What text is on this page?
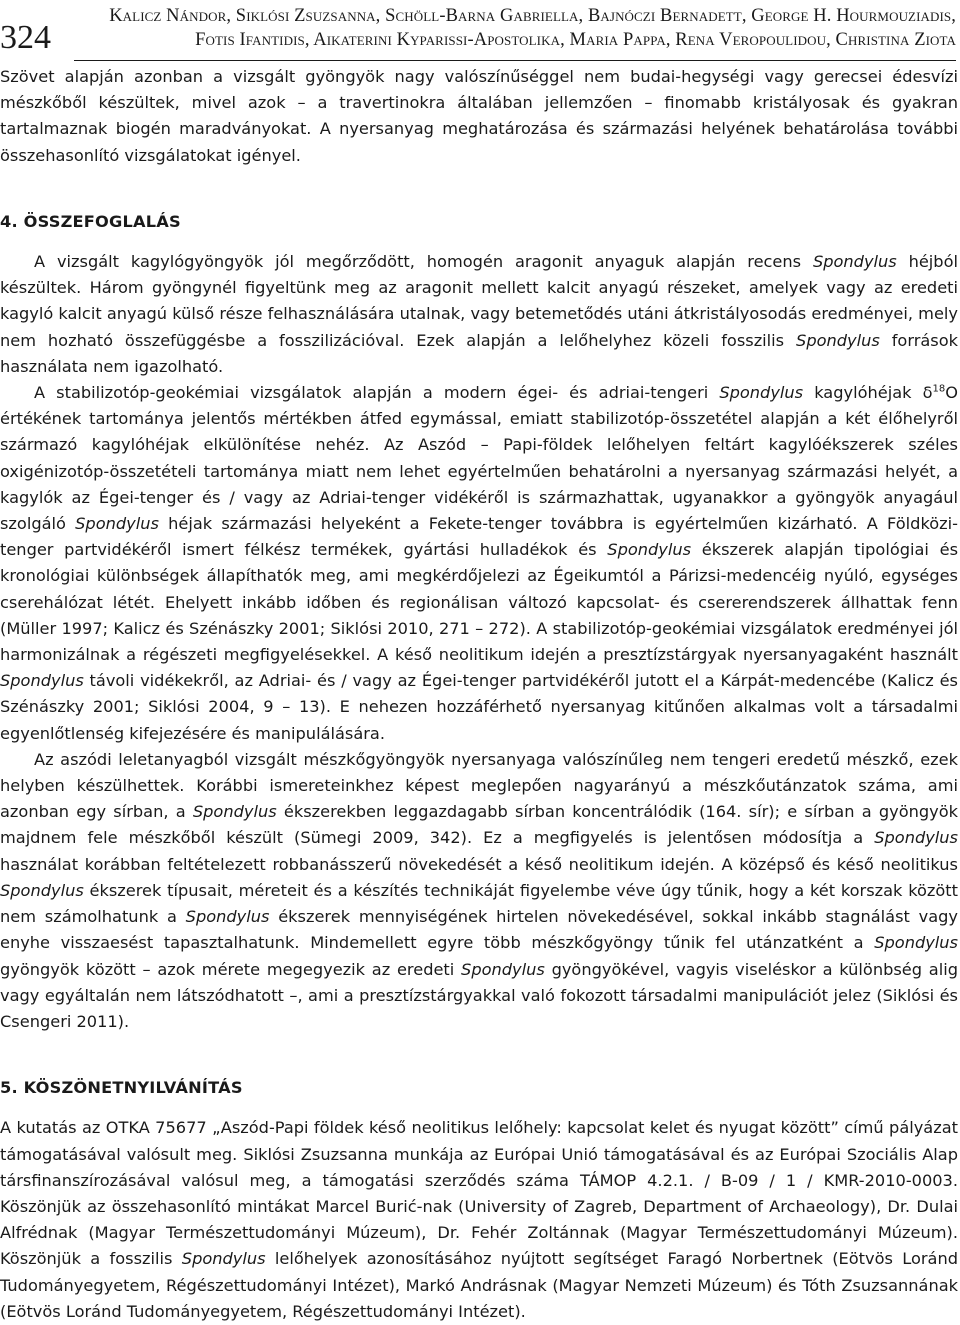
324
Kalicz Nándor, Siklósi Zsuzsanna, Schöll-Barna Gabriella, Bajnóczi Bernadett, George H. Hourmouziadis,
Fotis Ifantidis, Aikaterini Kyparissi-Apostolika, Maria Pappa, Rena Veropoulidou, Christina Ziota

Szövet alapján azonban a vizsgált gyöngyök nagy valószínűséggel nem budai-hegységi vagy gerecsei édesvízi mészkőből készültek, mivel azok – a travertinokra általában jellemzően – finomabb kristályosak és gyakran tartalmaznak biogén maradványokat. A nyersanyag meghatározása és származási helyének behatárolása további összehasonlító vizsgálatokat igényel.

4. ÖSSZEFOGLALÁS

A vizsgált kagylógyöngyök jól megőrződött, homogén aragonit anyaguk alapján recens Spondylus héjból készültek. Három gyöngynél figyeltünk meg az aragonit mellett kalcit anyagú részeket, amelyek vagy az eredeti kagyló kalcit anyagú külső része felhasználására utalnak, vagy betemetődés utáni átkristályosodás eredményei, mely nem hozható összefüggésbe a fosszilizációval. Ezek alapján a lelőhelyhez közeli fosszilis Spondylus források használata nem igazolható.

A stabilizotóp-geokémiai vizsgálatok alapján a modern égei- és adriai-tengeri Spondylus kagylóhéjak $\delta^{18}O$ értékének tartománya jelentős mértékben átfed egymással, emiatt stabilizotóp-összetétel alapján a két élőhelyről származó kagylóhéjak elkülönítése nehéz. Az Aszód – Papi-földek lelőhelyen feltárt kagylóékszerek széles oxigénizotóp-összetételi tartománya miatt nem lehet egyértelműen behatárolni a nyersanyag származási helyét, a kagylók az Égei-tenger és / vagy az Adriai-tenger vidékéről is származhattak, ugyanakkor a gyöngyök anyagául szolgáló Spondylus héjak származási helyeként a Fekete-tenger továbbra is egyértelműen kizárható. A Földközi-tenger partvidékéről ismert félkész termékek, gyártási hulladékok és Spondylus ékszerek alapján tipológiai és kronológiai különbségek állapíthatók meg, ami megkérdőjelezi az Égeikumtól a Párizsi-medencéig nyúló, egységes cserehálózat létét. Ehelyett inkább időben és regionálisan változó kapcsolat- és csererendszerek állhattak fenn (Müller 1997; Kalicz és Szénászky 2001; Siklósi 2010, 271 – 272). A stabilizotóp-geokémiai vizsgálatok eredményei jól harmonizálnak a régészeti megfigyelésekkel. A késő neolitikum idején a presztízstárgyak nyersanyagaként használt Spondylus távoli vidékekről, az Adriai- és / vagy az Égei-tenger partvidékéről jutott el a Kárpát-medencébe (Kalicz és Szénászky 2001; Siklósi 2004, 9 – 13). E nehezen hozzáférhető nyersanyag kitűnően alkalmas volt a társadalmi egyenlőtlenség kifejezésére és manipulálására.

Az aszódi leletanyagból vizsgált mészkőgyöngyök nyersanyaga valószínűleg nem tengeri eredetű mészkő, ezek helyben készülhettek. Korábbi ismereteinkhez képest meglepően nagyarányú a mészkőutánzatok száma, ami azonban egy sírban, a Spondylus ékszerekben leggazdagabb sírban koncentrálódik (164. sír); e sírban a gyöngyök majdnem fele mészkőből készült (Sümegi 2009, 342). Ez a megfigyelés is jelentősen módosítja a Spondylus használat korábban feltételezett robbanásszerű növekedését a késő neolitikum idején. A középső és késő neolitikus Spondylus ékszerek típusait, méreteit és a készítés technikáját figyelembe véve úgy tűnik, hogy a két korszak között nem számolhatunk a Spondylus ékszerek mennyiségének hirtelen növekedésével, sokkal inkább stagnálást vagy enyhe visszaesést tapasztalhatunk. Mindemellett egyre több mészkőgyöngy tűnik fel utánzatként a Spondylus gyöngyök között – azok mérete megegyezik az eredeti Spondylus gyöngyökével, vagyis viseléskor a különbség alig vagy egyáltalán nem látszódhatott –, ami a presztízstárgyakkal való fokozott társadalmi manipulációt jelez (Siklósi és Csengeri 2011).

5. KÖSZÖNETNYILVÁNÍTÁS

A kutatás az OTKA 75677 „Aszód-Papi földek késő neolitikus lelőhely: kapcsolat kelet és nyugat között” című pályázat támogatásával valósult meg. Siklósi Zsuzsanna munkája az Európai Unió támogatásával és az Európai Szociális Alap társfinanszírozásával valósul meg, a támogatási szerződés száma TÁMOP 4.2.1. / B-09 / 1 / KMR-2010-0003. Köszönjük az összehasonlító mintákat Marcel Burić-nak (University of Zagreb, Department of Archaeology), Dr. Dulai Alfrédnak (Magyar Természettudományi Múzeum), Dr. Fehér Zoltánnak (Magyar Természettudományi Múzeum). Köszönjük a fosszilis Spondylus lelőhelyek azonosításához nyújtott segítséget Faragó Norbertnek (Eötvös Loránd Tudományegyetem, Régészettudományi Intézet), Markó Andrásnak (Magyar Nemzeti Múzeum) és Tóth Zsuzsannának (Eötvös Loránd Tudományegyetem, Régészettudományi Intézet).
